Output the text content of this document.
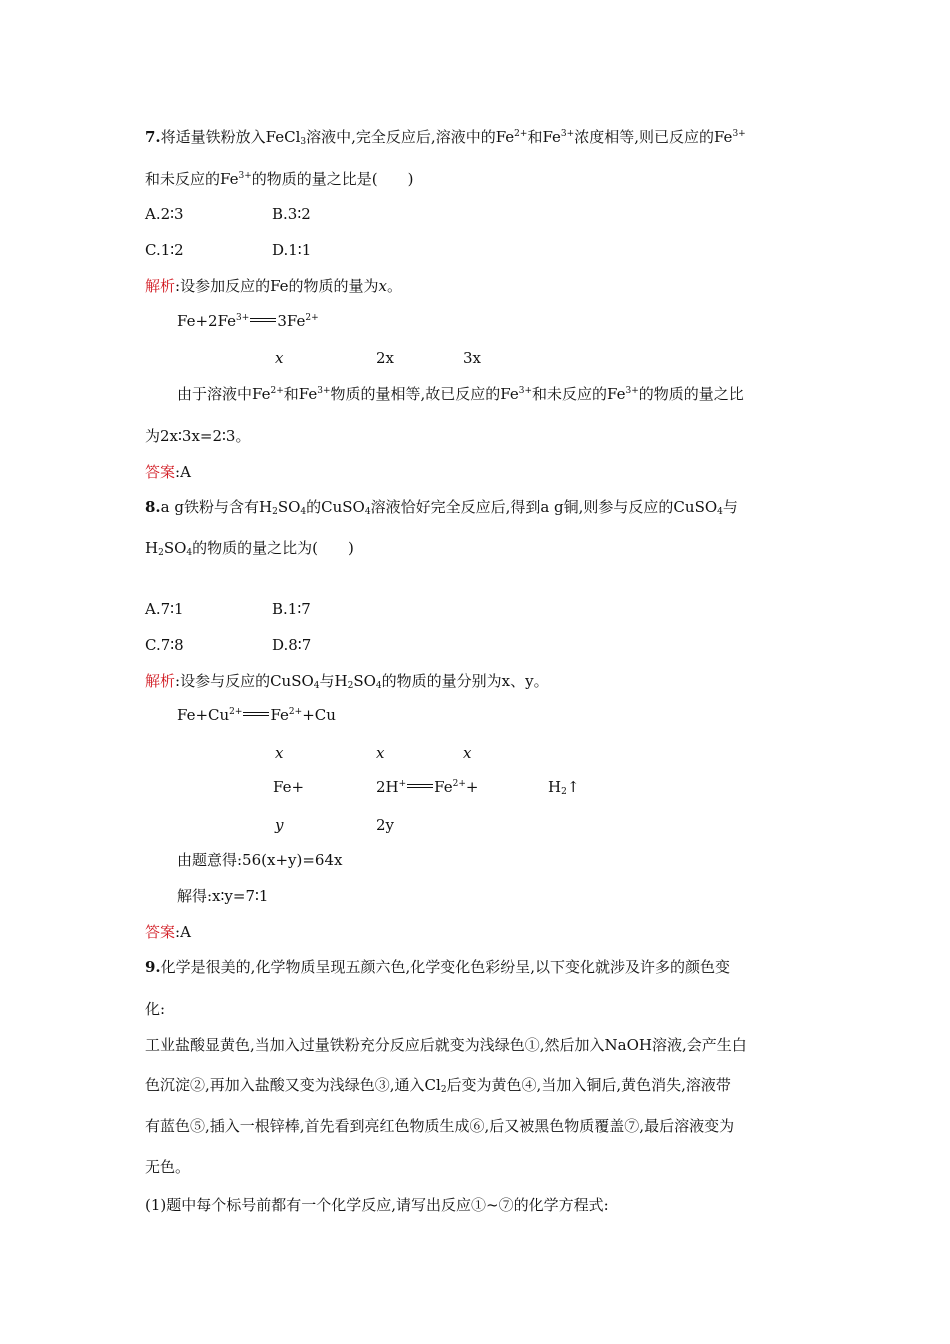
7.将适量铁粉放入FeCl$_3$溶液中,完全反应后,溶液中的$Fe^{2+}$和$Fe^{3+}$浓度相等,则已反应的$Fe^{3+}$
和未反应的$Fe^{3+}$的物质的量之比是(　　)
A.2∶3	B.3∶2
C.1∶2	D.1∶1
解析:设参加反应的Fe的物质的量为x。
$Fe+2Fe^{3+}$ $3Fe^{2+}$
x	2x	3x
由于溶液中$Fe^{2+}$和$Fe^{3+}$物质的量相等,故已反应的$Fe^{3+}$和未反应的$Fe^{3+}$的物质的量之比
为2x∶3x=2∶3。
答案:A
8.a g铁粉与含有$H_2SO_4$的CuSO$_4$溶液恰好完全反应后,得到a g铜,则参与反应的CuSO$_4$与
$H_2SO_4$的物质的量之比为(　　)
A.7∶1	B.1∶7
C.7∶8	D.8∶7
解析:设参与反应的CuSO$_4$与$H_2SO_4$的物质的量分别为x、y。
$Fe+Cu^{2+}$ $Fe^{2+}+Cu$
x	x	x
Fe+	2H+ $Fe^{2+}+$	$H_2↑$
y	2y
由题意得:56(x+y)=64x
解得:x∶y=7∶1
答案:A
9.化学是很美的,化学物质呈现五颜六色,化学变化色彩纷呈,以下变化就涉及许多的颜色变
化:
工业盐酸显黄色,当加入过量铁粉充分反应后就变为浅绿色①,然后加入NaOH溶液,会产生白
色沉淀②,再加入盐酸又变为浅绿色③,通入$Cl_2$后变为黄色④,当加入铜后,黄色消失,溶液带
有蓝色⑤,插入一根锌棒,首先看到亮红色物质生成⑥,后又被黑色物质覆盖⑦,最后溶液变为
无色。
(1)题中每个标号前都有一个化学反应,请写出反应①~⑦的化学方程式:
